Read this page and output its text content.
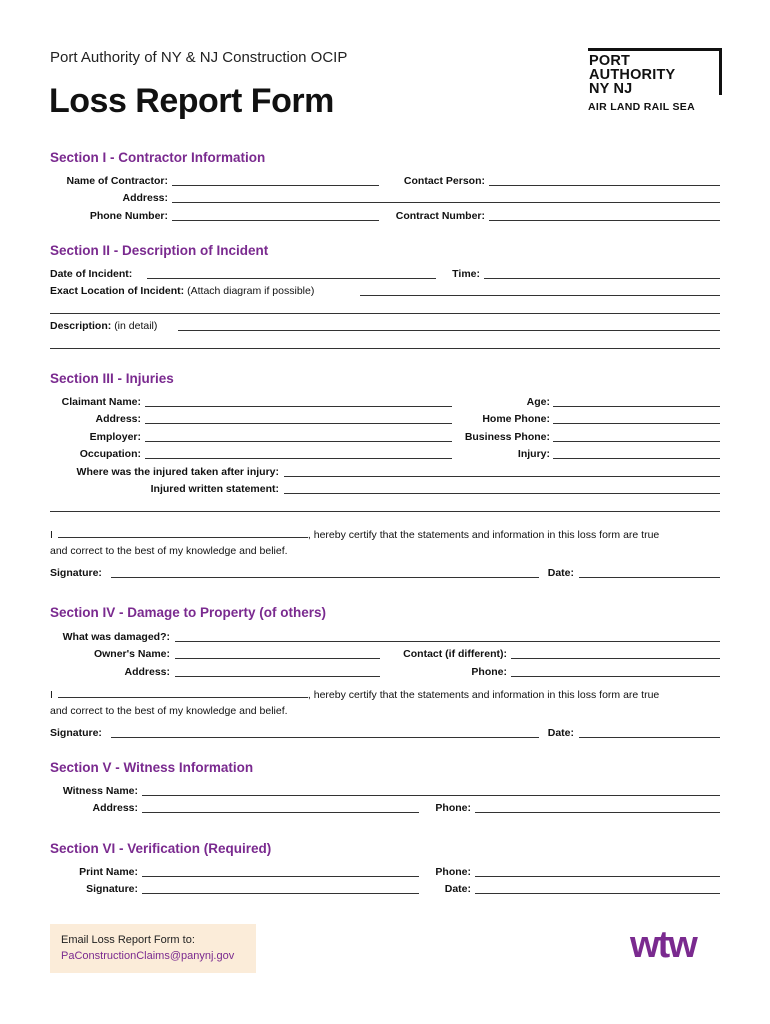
Port Authority of NY & NJ Construction OCIP
Loss Report Form
PORT
AUTHORITY
NY NJ
AIR LAND RAIL SEA
Section I - Contractor Information
Name of Contractor:	Contact Person:
Address:
Phone Number:	Contract Number:
Section II - Description of Incident
Date of Incident:	Time:
Exact Location of Incident: (Attach diagram if possible)
Description: (in detail)
Section III - Injuries
Claimant Name:	Age:
Address:	Home Phone:
Employer:	Business Phone:
Occupation:	Injury:
Where was the injured taken after injury:
Injured written statement:
I	, hereby certify that the statements and information in this loss form are true
and correct to the best of my knowledge and belief.
Signature:	Date:
Section IV - Damage to Property (of others)
What was damaged?:
Owner's Name:	Contact (if different):
Address:	Phone:
I	, hereby certify that the statements and information in this loss form are true
and correct to the best of my knowledge and belief.
Signature:	Date:
Section V - Witness Information
Witness Name:
Address:	Phone:
Section VI - Verification (Required)
Print Name:	Phone:
Signature:	Date:
Email Loss Report Form to:
PaConstructionClaims@panynj.gov	wtw
